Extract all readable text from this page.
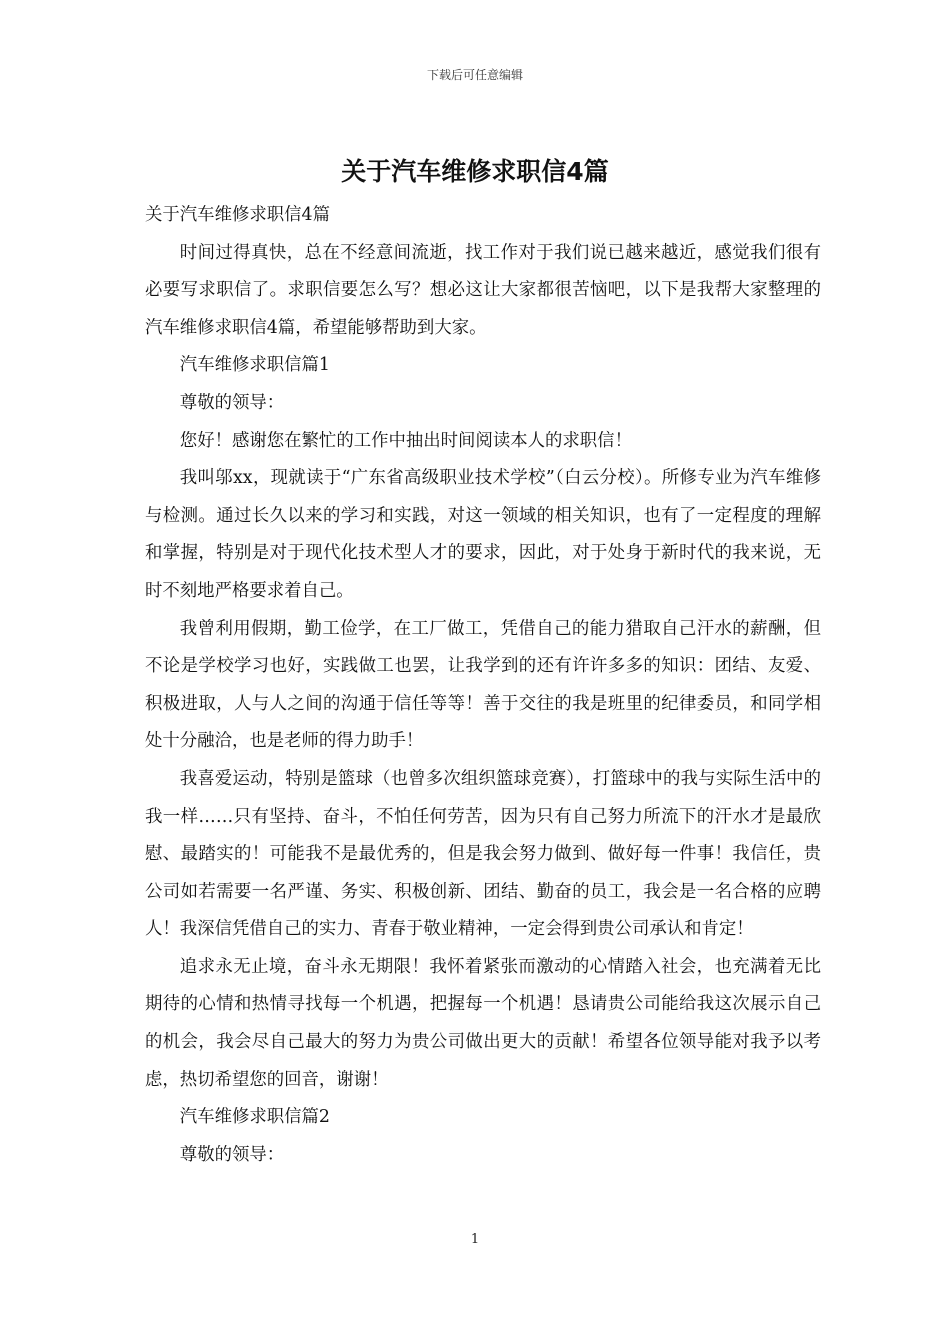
下载后可任意编辑
关于汽车维修求职信4篇

关于汽车维修求职信4篇

时间过得真快，总在不经意间流逝，找工作对于我们说已越来越近，感觉我们很有必要写求职信了。求职信要怎么写？想必这让大家都很苦恼吧，以下是我帮大家整理的汽车维修求职信4篇，希望能够帮助到大家。

汽车维修求职信篇1

尊敬的领导：

您好！感谢您在繁忙的工作中抽出时间阅读本人的求职信！

我叫邬xx，现就读于“广东省高级职业技术学校”（白云分校）。所修专业为汽车维修与检测。通过长久以来的学习和实践，对这一领域的相关知识，也有了一定程度的理解和掌握，特别是对于现代化技术型人才的要求，因此，对于处身于新时代的我来说，无时不刻地严格要求着自己。

我曾利用假期，勤工俭学，在工厂做工，凭借自己的能力猎取自己汗水的薪酬，但不论是学校学习也好，实践做工也罢，让我学到的还有许许多多的知识：团结、友爱、积极进取，人与人之间的沟通于信任等等！善于交往的我是班里的纪律委员，和同学相处十分融洽，也是老师的得力助手！

我喜爱运动，特别是篮球（也曾多次组织篮球竞赛），打篮球中的我与实际生活中的我一样……只有坚持、奋斗，不怕任何劳苦，因为只有自己努力所流下的汗水才是最欣慰、最踏实的！可能我不是最优秀的，但是我会努力做到、做好每一件事！我信任，贵公司如若需要一名严谨、务实、积极创新、团结、勤奋的员工，我会是一名合格的应聘人！我深信凭借自己的实力、青春于敬业精神，一定会得到贵公司承认和肯定！

追求永无止境，奋斗永无期限！我怀着紧张而激动的心情踏入社会，也充满着无比期待的心情和热情寻找每一个机遇，把握每一个机遇！恳请贵公司能给我这次展示自己的机会，我会尽自己最大的努力为贵公司做出更大的贡献！希望各位领导能对我予以考虑，热切希望您的回音，谢谢！

汽车维修求职信篇2

尊敬的领导：

1
